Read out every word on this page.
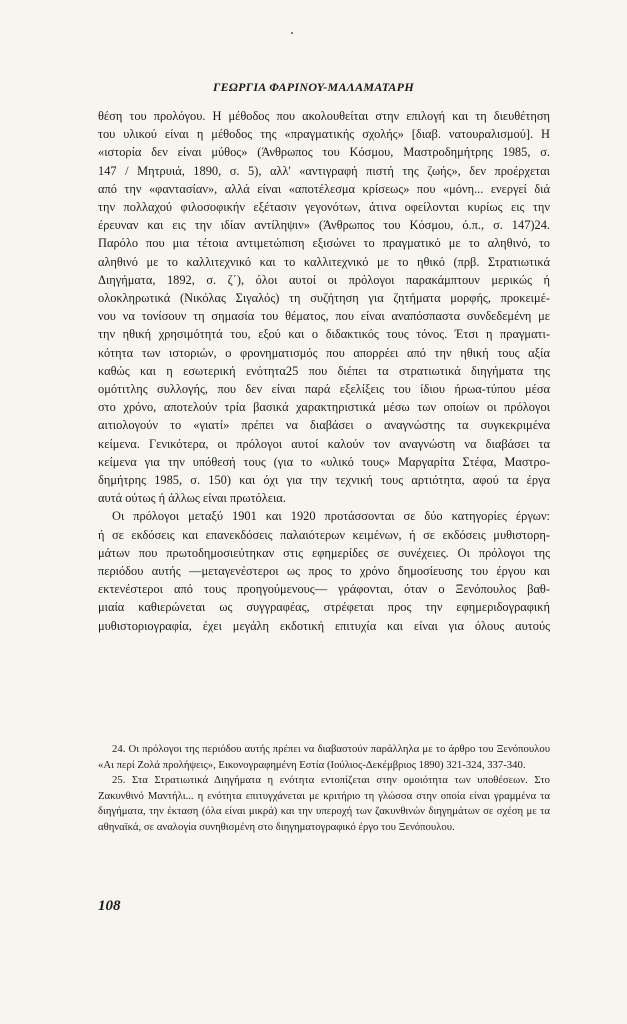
ΓΕΩΡΓΙΑ ΦΑΡΙΝΟΥ-ΜΑΛΑΜΑΤΑΡΗ

θέση του προλόγου. Η μέθοδος που ακολουθείται στην επιλογή και τη διευθέτηση
του υλικού είναι η μέθοδος της «πραγματικής σχολής» [διαβ. νατουραλισμού]. Η
«ιστορία δεν είναι μύθος» (Άνθρωπος του Κόσμου, Μαστροδημήτρης 1985, σ.
147 / Μητρυιά, 1890, σ. 5), αλλ' «αντιγραφή πιστή της ζωής», δεν προέρχεται
από την «φαντασίαν», αλλά είναι «αποτέλεσμα κρίσεως» που «μόνη... ενεργεί διά
την πολλαχού φιλοσοφικήν εξέτασιν γεγονότων, άτινα οφείλονται κυρίως εις την
έρευναν και εις την ιδίαν αντίληψιν» (Άνθρωπος του Κόσμου, ό.π., σ. 147)24.
Παρόλο που μια τέτοια αντιμετώπιση εξισώνει το πραγματικό με το αληθινό, το
αληθινό με το καλλιτεχνικό και το καλλιτεχνικό με το ηθικό (πρβ. Στρατιωτικά
Διηγήματα, 1892, σ. ζ΄), όλοι αυτοί οι πρόλογοι παρακάμπτουν μερικώς ή
ολοκληρωτικά (Νικόλας Σιγαλός) τη συζήτηση για ζητήματα μορφής, προκειμέ-
νου να τονίσουν τη σημασία του θέματος, που είναι αναπόσπαστα συνδεδεμένη με
την ηθική χρησιμότητά του, εξού και ο διδακτικός τους τόνος. Έτσι η πραγματι-
κότητα των ιστοριών, ο φρονηματισμός που απορρέει από την ηθική τους αξία
καθώς και η εσωτερική ενότητα25 που διέπει τα στρατιωτικά διηγήματα της
ομότιτλης συλλογής, που δεν είναι παρά εξελίξεις του ίδιου ήρωα-τύπου μέσα
στο χρόνο, αποτελούν τρία βασικά χαρακτηριστικά μέσω των οποίων οι πρόλογοι
αιτιολογούν το «γιατί» πρέπει να διαβάσει ο αναγνώστης τα συγκεκριμένα
κείμενα. Γενικότερα, οι πρόλογοι αυτοί καλούν τον αναγνώστη να διαβάσει τα
κείμενα για την υπόθεσή τους (για το «υλικό τους» Μαργαρίτα Στέφα, Μαστρο-
δημήτρης 1985, σ. 150) και όχι για την τεχνική τους αρτιότητα, αφού τα έργα
αυτά ούτως ή άλλως είναι πρωτόλεια.

Οι πρόλογοι μεταξύ 1901 και 1920 προτάσσονται σε δύο κατηγορίες έργων:
ή σε εκδόσεις και επανεκδόσεις παλαιότερων κειμένων, ή σε εκδόσεις μυθιστορη-
μάτων που πρωτοδημοσιεύτηκαν στις εφημερίδες σε συνέχειες. Οι πρόλογοι της
περιόδου αυτής —μεταγενέστεροι ως προς το χρόνο δημοσίευσης του έργου και
εκτενέστεροι από τους προηγούμενους— γράφονται, όταν ο Ξενόπουλος βαθ-
μιαία καθιερώνεται ως συγγραφέας, στρέφεται προς την εφημεριδογραφική
μυθιστοριογραφία, έχει μεγάλη εκδοτική επιτυχία και είναι για όλους αυτούς

24. Οι πρόλογοι της περιόδου αυτής πρέπει να διαβαστούν παράλληλα με το άρθρο του Ξενόπουλου «Αι περί Ζολά προλήψεις», Εικονογραφημένη Εστία (Ιούλιος-Δεκέμβριος 1890) 321-324, 337-340.

25. Στα Στρατιωτικά Διηγήματα η ενότητα εντοπίζεται στην ομοιότητα των υποθέσεων. Στο Ζακυνθινό Μαντήλι... η ενότητα επιτυγχάνεται με κριτήριο τη γλώσσα στην οποία είναι γραμμένα τα διηγήματα, την έκταση (όλα είναι μικρά) και την υπεροχή των ζακυνθινών διηγημάτων σε σχέση με τα αθηναϊκά, σε αναλογία συνηθισμένη στο διηγηματογραφικό έργο του Ξενόπουλου.

108
